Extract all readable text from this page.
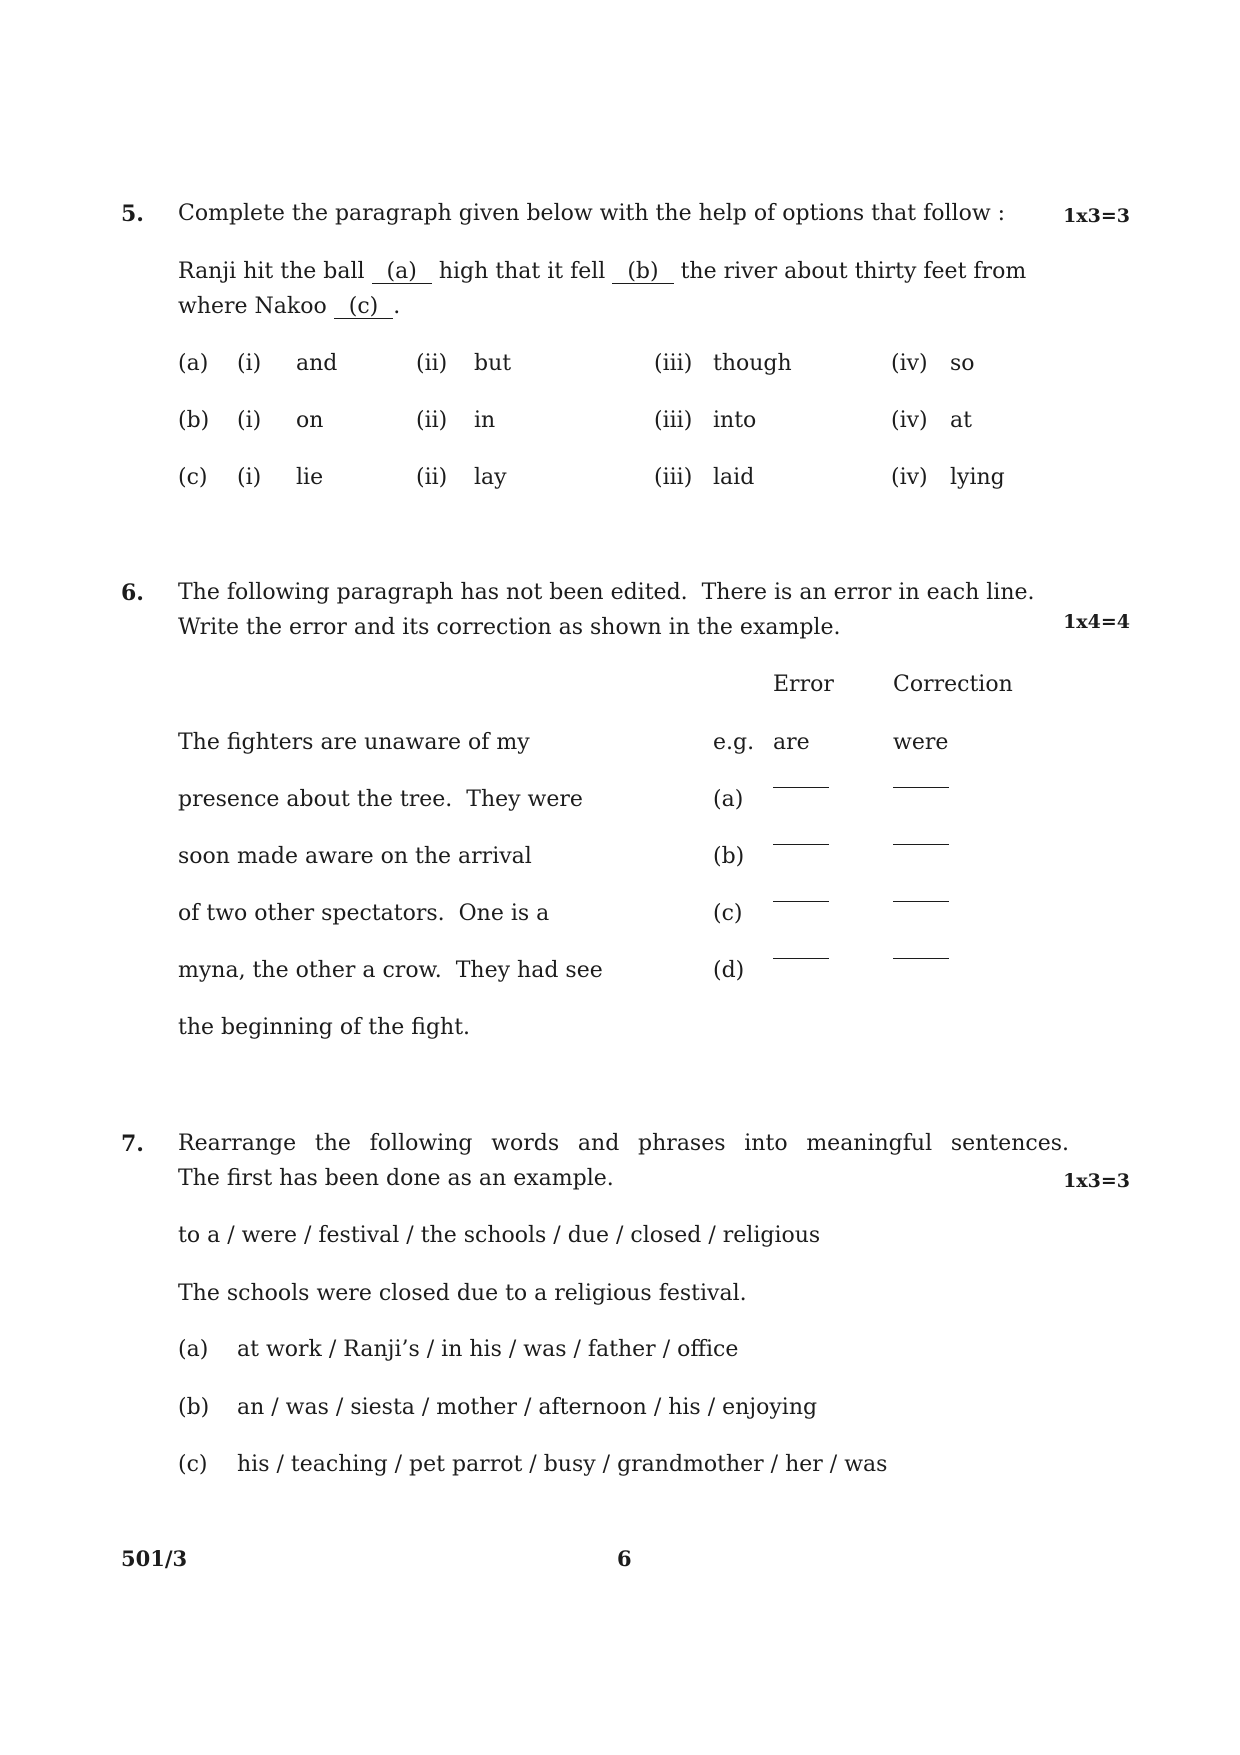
5. Complete the paragraph given below with the help of options that follow :	1x3=3
Ranji hit the ball (a) high that it fell (b) the river about thirty feet from
where Nakoo (c) .
(a) (i) and	(ii) but	(iii) though	(iv) so
(b) (i) on	(ii) in	(iii) into	(iv) at
(c) (i) lie	(ii) lay	(iii) laid	(iv) lying
6. The following paragraph has not been edited.  There is an error in each line.
Write the error and its correction as shown in the example.	1x4=4
Error	Correction
The fighters are unaware of my	e.g. are	were
presence about the tree.  They were	(a)
soon made aware on the arrival	(b)
of two other spectators.  One is a	(c)
myna, the other a crow.  They had see	(d)
the beginning of the fight.
7. Rearrange the following words and phrases into meaningful sentences.
The first has been done as an example.	1x3=3
to a / were / festival / the schools / due / closed / religious
The schools were closed due to a religious festival.
(a) at work / Ranji’s / in his / was / father / office
(b) an / was / siesta / mother / afternoon / his / enjoying
(c) his / teaching / pet parrot / busy / grandmother / her / was
501/3	6
